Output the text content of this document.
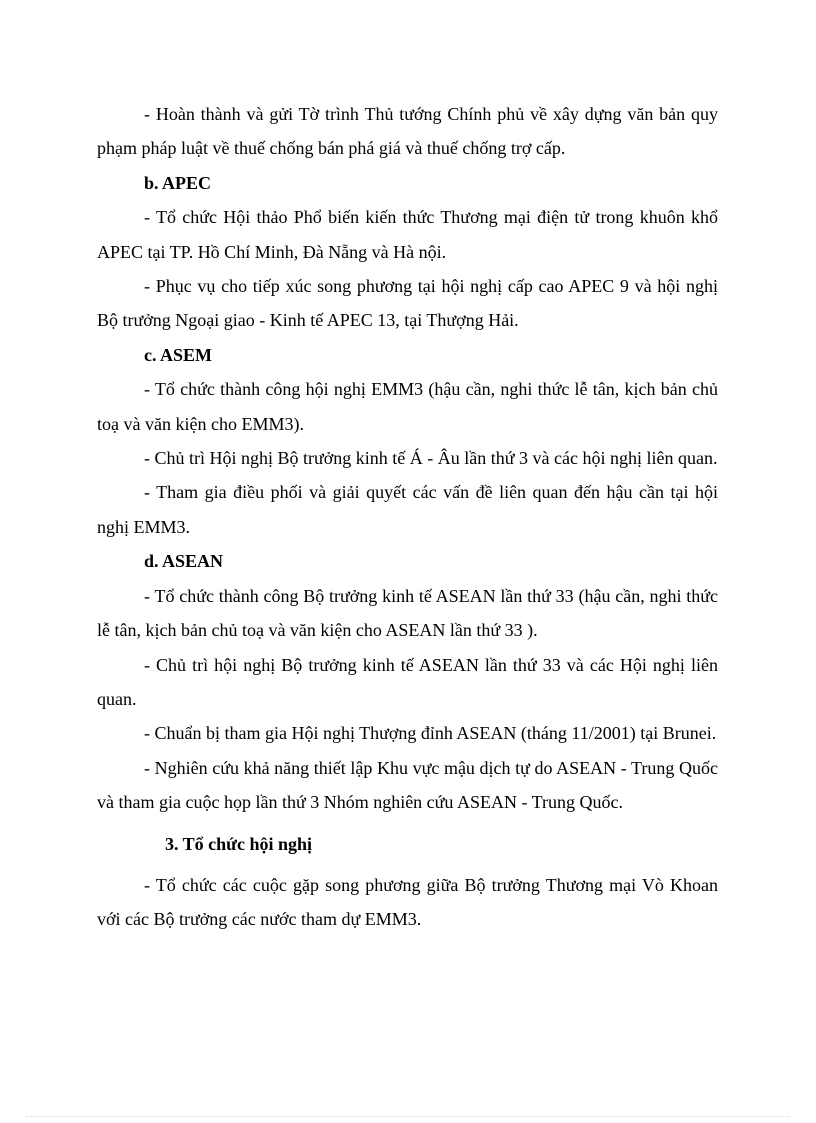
- Hoàn thành và gửi Tờ trình Thủ tướng Chính phủ về xây dựng văn bản quy phạm pháp luật về thuế chống bán phá giá và thuế chống trợ cấp.

b. APEC

- Tổ chức Hội thảo Phổ biến kiến thức Thương mại điện tử trong khuôn khổ APEC tại TP. Hồ Chí Minh, Đà Nẵng và Hà nội.

- Phục vụ cho tiếp xúc song phương tại hội nghị cấp cao APEC 9 và hội nghị Bộ trưởng Ngoại giao - Kinh tế APEC 13, tại Thượng Hải.

c. ASEM

- Tổ chức thành công hội nghị EMM3 (hậu cần, nghi thức lễ tân, kịch bản chủ toạ và văn kiện cho EMM3).

- Chủ trì Hội nghị Bộ trưởng kinh tế Á - Âu lần thứ 3 và các hội nghị liên quan.

- Tham gia điều phối và giải quyết các vấn đề liên quan đến hậu cần tại hội nghị EMM3.

d. ASEAN

- Tổ chức thành công Bộ trưởng kinh tế ASEAN lần thứ 33 (hậu cần, nghi thức lễ tân, kịch bản chủ toạ và văn kiện cho ASEAN lần thứ 33 ).

- Chủ trì hội nghị Bộ trưởng kinh tế ASEAN lần thứ 33 và các Hội nghị liên quan.

- Chuẩn bị tham gia Hội nghị Thượng đỉnh ASEAN (tháng 11/2001) tại Brunei.

- Nghiên cứu khả năng thiết lập Khu vực mậu dịch tự do ASEAN - Trung Quốc và tham gia cuộc họp lần thứ 3 Nhóm nghiên cứu ASEAN - Trung Quốc.

3. Tổ chức hội nghị

- Tổ chức các cuộc gặp song phương giữa Bộ trưởng Thương mại Vò Khoan với các Bộ trưởng các nước tham dự EMM3.
